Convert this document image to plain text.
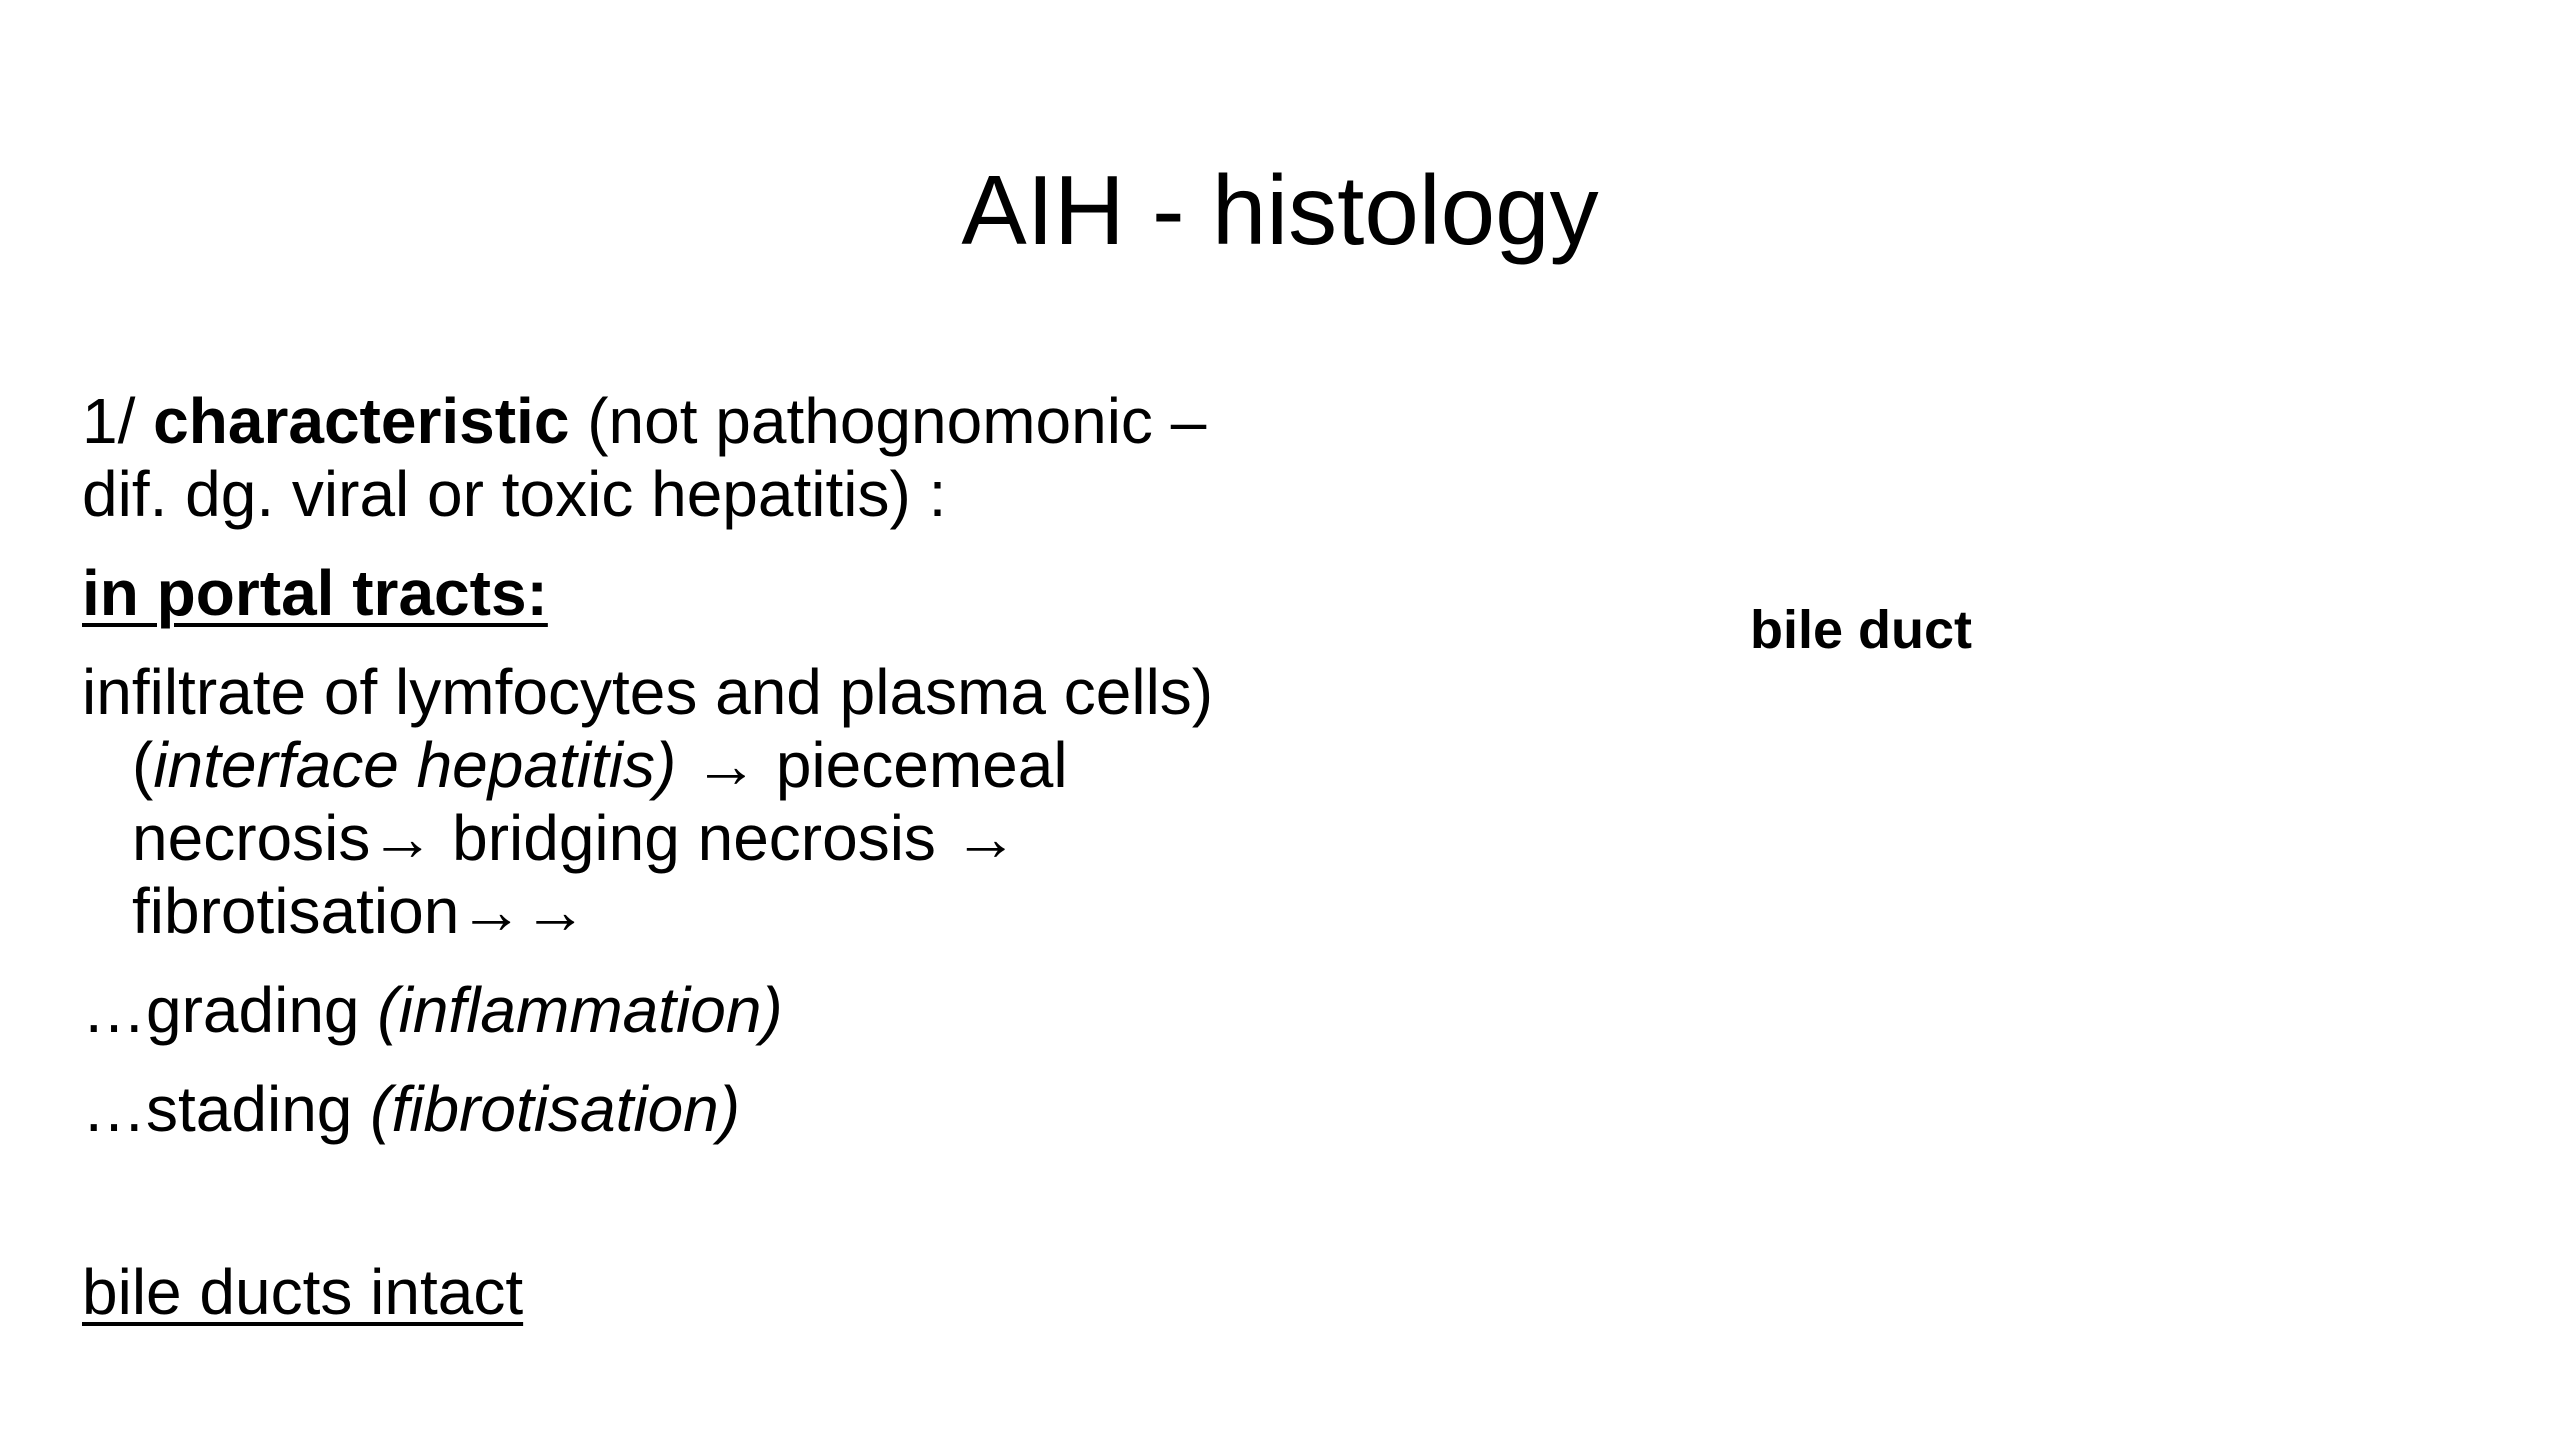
AIH - histology

1/ characteristic (not pathognomonic –
dif. dg. viral or toxic hepatitis) :

in portal tracts:

infiltrate of lymfocytes and plasma cells)
(interface hepatitis) → piecemeal
necrosis→ bridging necrosis →
fibrotisation→→

…grading (inflammation)

…stading (fibrotisation)

bile ducts intact

bile duct
